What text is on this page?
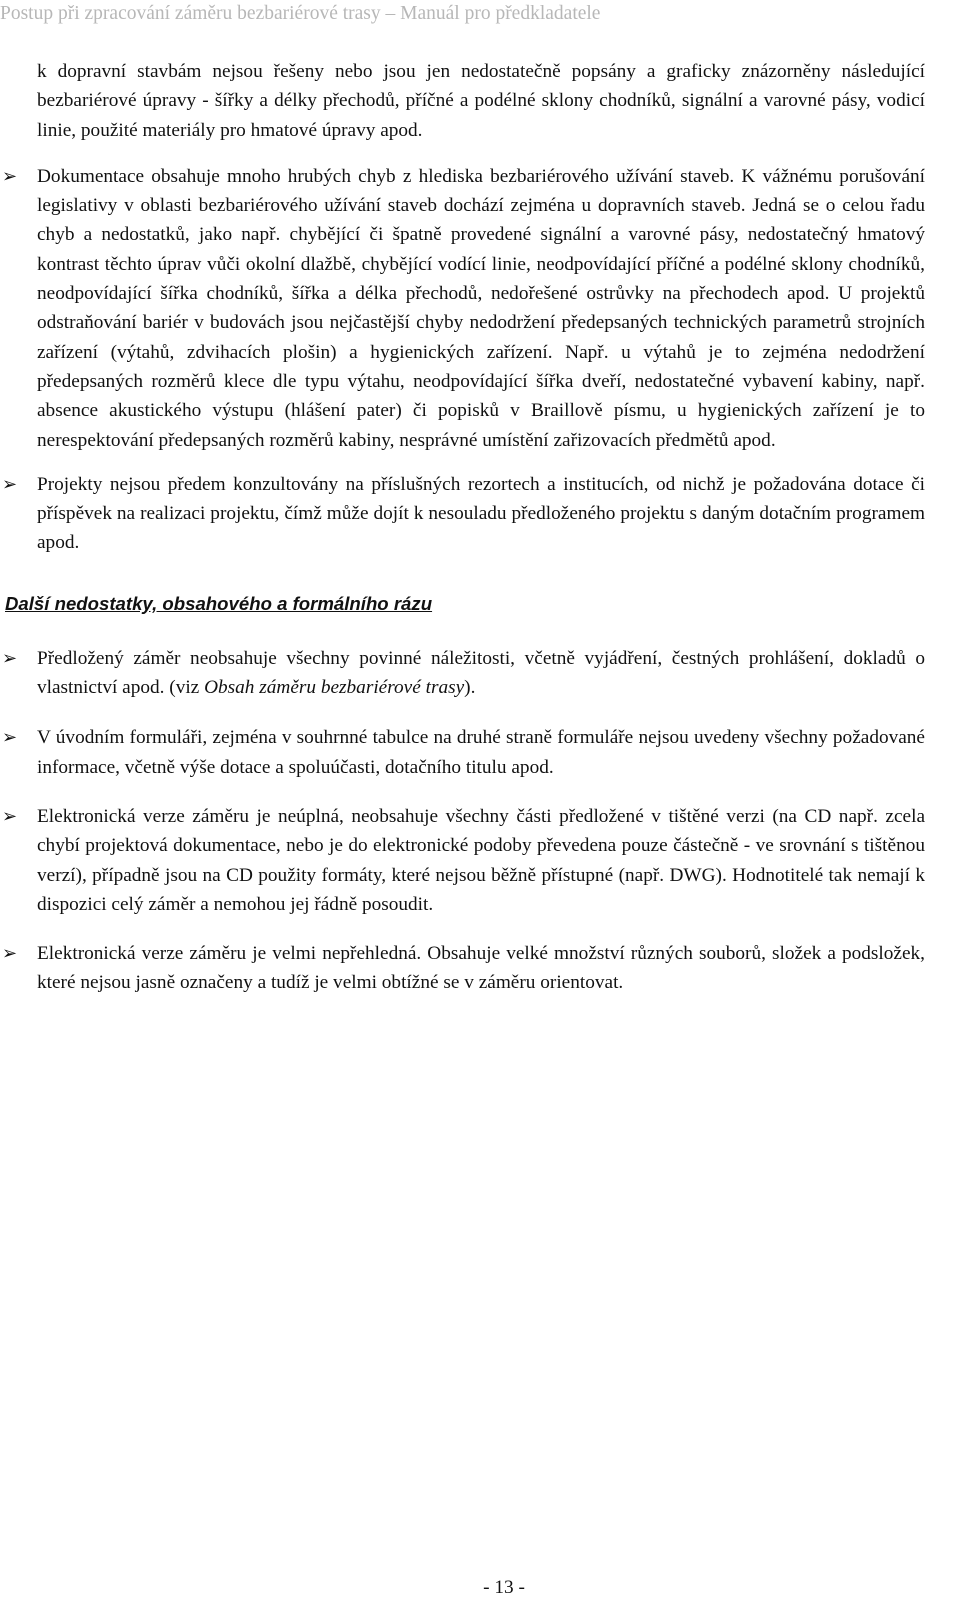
Postup při zpracování záměru bezbariérové trasy – Manuál pro předkladatele

k dopravní stavbám nejsou řešeny nebo jsou jen nedostatečně popsány a graficky znázorněny následující bezbariérové úpravy - šířky a délky přechodů, příčné a podélné sklony chodníků, signální a varovné pásy, vodicí linie, použité materiály pro hmatové úpravy apod.

➢ Dokumentace obsahuje mnoho hrubých chyb z hlediska bezbariérového užívání staveb. K vážnému porušování legislativy v oblasti bezbariérového užívání staveb dochází zejména u dopravních staveb. Jedná se o celou řadu chyb a nedostatků, jako např. chybějící či špatně provedené signální a varovné pásy, nedostatečný hmatový kontrast těchto úprav vůči okolní dlažbě, chybějící vodící linie, neodpovídající příčné a podélné sklony chodníků, neodpovídající šířka chodníků, šířka a délka přechodů, nedořešené ostrůvky na přechodech apod. U projektů odstraňování bariér v budovách jsou nejčastější chyby nedodržení předepsaných technických parametrů strojních zařízení (výtahů, zdvihacích plošin) a hygienických zařízení. Např. u výtahů je to zejména nedodržení předepsaných rozměrů klece dle typu výtahu, neodpovídající šířka dveří, nedostatečné vybavení kabiny, např. absence akustického výstupu (hlášení pater) či popisků v Braillově písmu, u hygienických zařízení je to nerespektování předepsaných rozměrů kabiny, nesprávné umístění zařizovacích předmětů apod.

➢ Projekty nejsou předem konzultovány na příslušných rezortech a institucích, od nichž je požadována dotace či příspěvek na realizaci projektu, čímž může dojít k nesouladu předloženého projektu s daným dotačním programem apod.

Další nedostatky, obsahového a formálního rázu

➢ Předložený záměr neobsahuje všechny povinné náležitosti, včetně vyjádření, čestných prohlášení, dokladů o vlastnictví apod. (viz Obsah záměru bezbariérové trasy).

➢ V úvodním formuláři, zejména v souhrnné tabulce na druhé straně formuláře nejsou uvedeny všechny požadované informace, včetně výše dotace a spoluúčasti, dotačního titulu apod.

➢ Elektronická verze záměru je neúplná, neobsahuje všechny části předložené v tištěné verzi (na CD např. zcela chybí projektová dokumentace, nebo je do elektronické podoby převedena pouze částečně - ve srovnání s tištěnou verzí), případně jsou na CD použity formáty, které nejsou běžně přístupné (např. DWG). Hodnotitelé tak nemají k dispozici celý záměr a nemohou jej řádně posoudit.

➢ Elektronická verze záměru je velmi nepřehledná. Obsahuje velké množství různých souborů, složek a podsložek, které nejsou jasně označeny a tudíž je velmi obtížné se v záměru orientovat.

- 13 -
